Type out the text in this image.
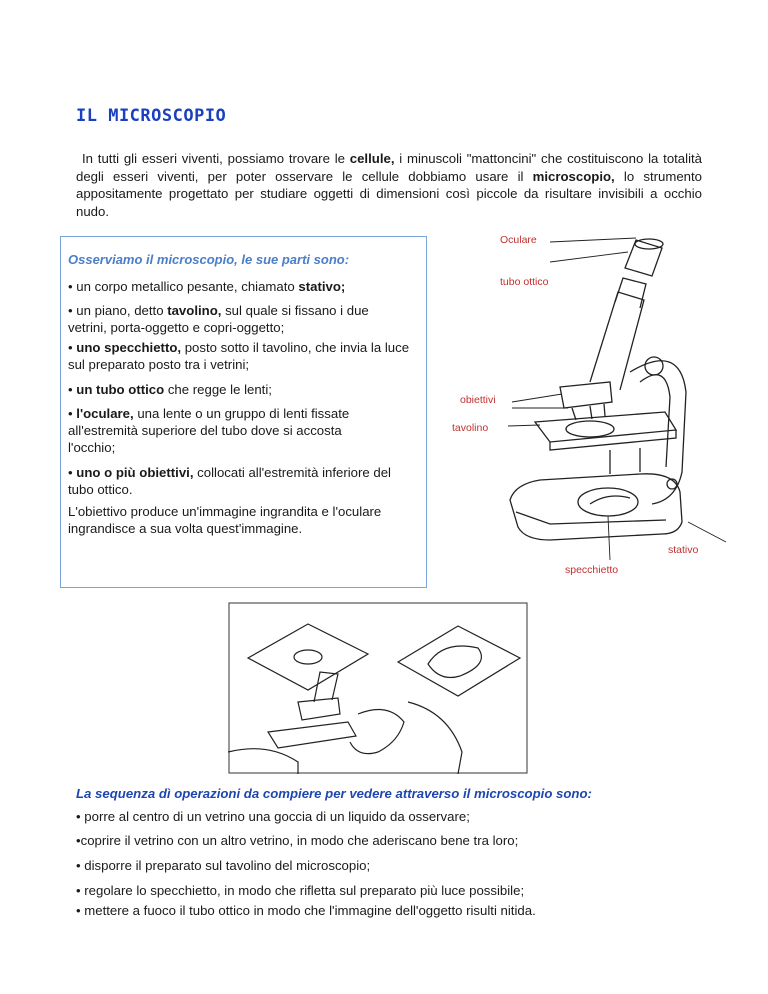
IL MICROSCOPIO
In tutti gli esseri viventi, possiamo trovare le cellule, i minuscoli "mattoncini" che costituiscono la totalità degli esseri viventi, per poter osservare le cellule dobbiamo usare il microscopio, lo strumento appositamente progettato per studiare oggetti di dimensioni così piccole da risultare invisibili a occhio nudo.
Osserviamo il microscopio, le sue parti sono:
• un corpo metallico pesante, chiamato stativo;
• un piano, detto tavolino, sul quale si fissano i due vetrini, porta-oggetto e copri-oggetto;
• uno specchietto, posto sotto il tavolino, che invia la luce sul preparato posto tra i vetrini;
• un tubo ottico che regge le lenti;
• l'oculare, una lente o un gruppo di lenti fissate all'estremità superiore del tubo dove si accosta l'occhio;
• uno o più obiettivi, collocati all'estremità inferiore del tubo ottico.
L'obiettivo produce un'immagine ingrandita e l'oculare ingrandisce a sua volta quest'immagine.
Oculare
tubo ottico
obiettivi
tavolino
stativo
specchietto
La sequenza dì operazioni da compiere per vedere attraverso il microscopio sono:
• porre al centro di un vetrino una goccia di un liquido da osservare;
•coprire il vetrino con un altro vetrino, in modo che aderiscano bene tra loro;
• disporre il preparato sul tavolino del microscopio;
• regolare lo specchietto, in modo che rifletta sul preparato più luce possibile;
• mettere a fuoco il tubo ottico in modo che l'immagine dell'oggetto risulti nitida.
